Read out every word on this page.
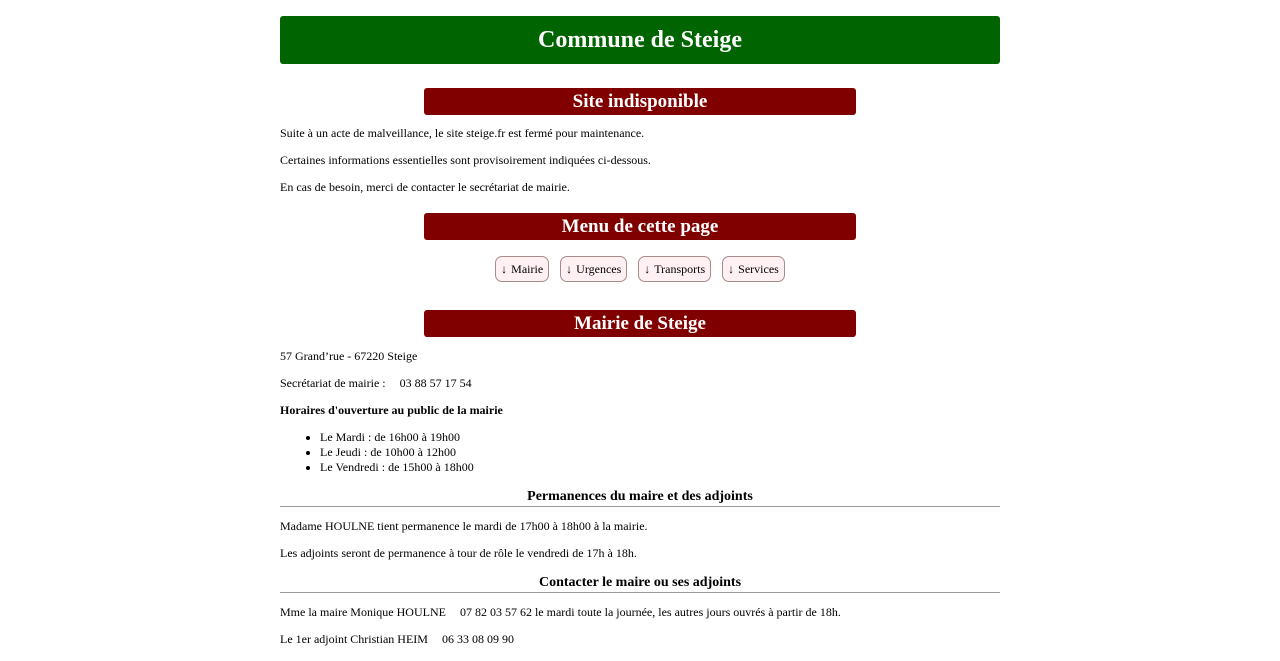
Commune de Steige
Site indisponible

Suite à un acte de malveillance, le site steige.fr est fermé pour maintenance.

Certaines informations essentielles sont provisoirement indiquées ci-dessous.

En cas de besoin, merci de contacter le secrétariat de mairie.

Menu de cette page
↓ Mairie ↓ Urgences ↓ Transports ↓ Services
Mairie de Steige

57 Grand’rue - 67220 Steige

Secrétariat de mairie : 03 88 57 17 54

Horaires d'ouverture au public de la mairie

• Le Mardi : de 16h00 à 19h00
• Le Jeudi : de 10h00 à 12h00
• Le Vendredi : de 15h00 à 18h00
Permanences du maire et des adjoints

Madame HOULNE tient permanence le mardi de 17h00 à 18h00 à la mairie.

Les adjoints seront de permanence à tour de rôle le vendredi de 17h à 18h.

Contacter le maire ou ses adjoints

Mme la maire Monique HOULNE 07 82 03 57 62 le mardi toute la journée, les autres jours ouvrés à partir de 18h.

Le 1er adjoint Christian HEIM 06 33 08 09 90
